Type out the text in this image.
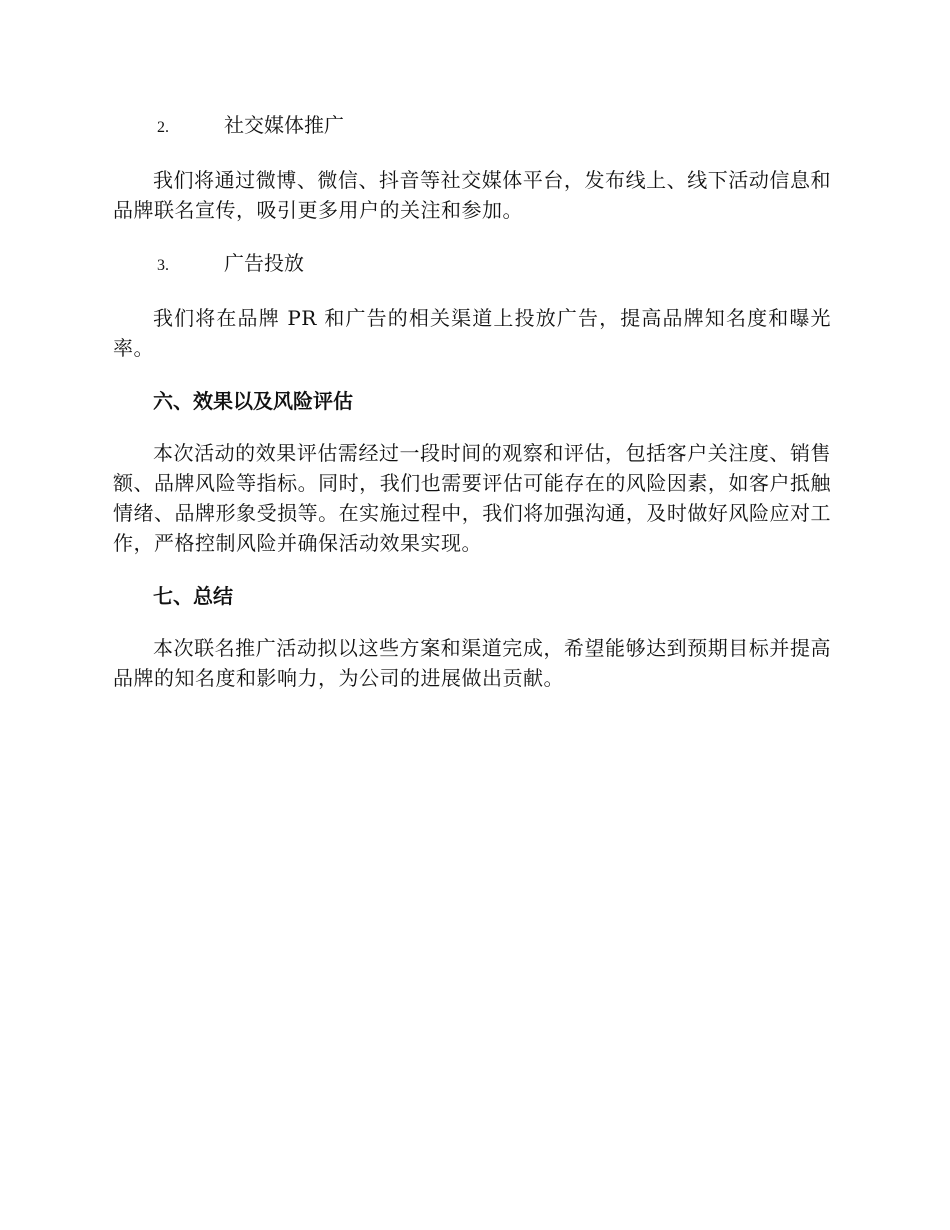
2.	社交媒体推广

我们将通过微博、微信、抖音等社交媒体平台，发布线上、线下活动信息和品牌联名宣传，吸引更多用户的关注和参加。

3.	广告投放

我们将在品牌 PR 和广告的相关渠道上投放广告，提高品牌知名度和曝光率。

六、效果以及风险评估

本次活动的效果评估需经过一段时间的观察和评估，包括客户关注度、销售额、品牌风险等指标。同时，我们也需要评估可能存在的风险因素，如客户抵触情绪、品牌形象受损等。在实施过程中，我们将加强沟通，及时做好风险应对工作，严格控制风险并确保活动效果实现。

七、总结

本次联名推广活动拟以这些方案和渠道完成，希望能够达到预期目标并提高品牌的知名度和影响力，为公司的进展做出贡献。
